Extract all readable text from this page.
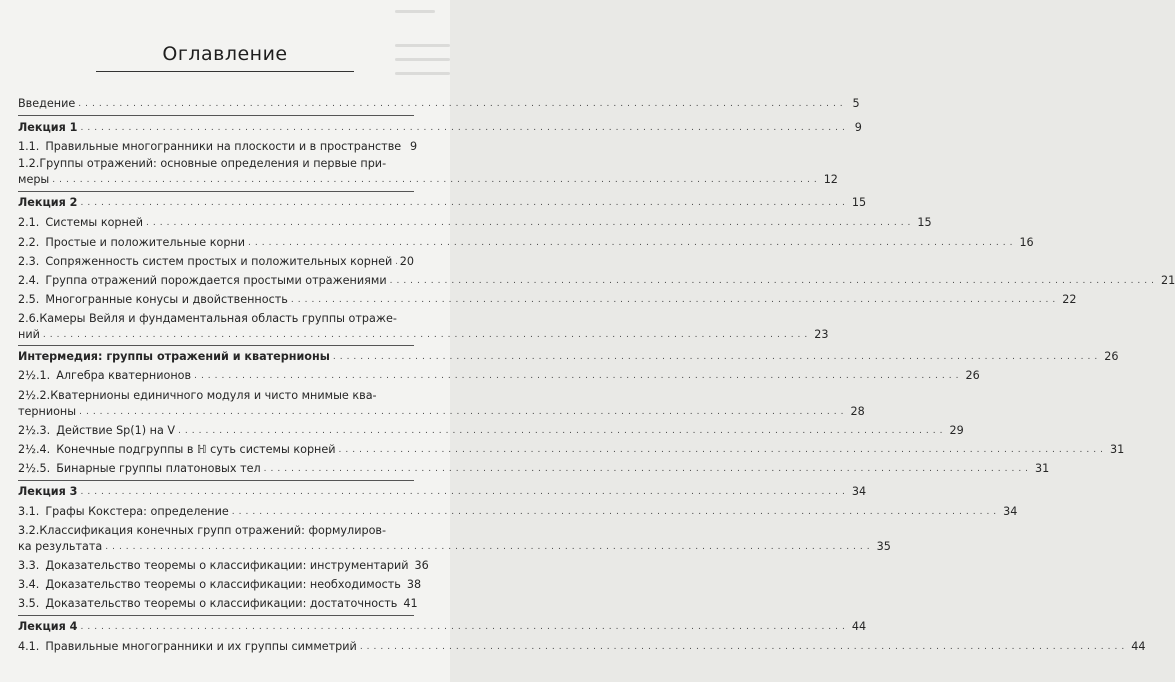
Оглавление
Введение ................................................................................................................ 5
Лекция 1 ................................................................................................................ 9
1.1. Правильные многогранники на плоскости и в пространстве 9
1.2.Группы отражений: основные определения и первые при-
меры ................................................................................................................ 12
Лекция 2 ................................................................................................................ 15
2.1. Системы корней ................................................................................................................ 15
2.2. Простые и положительные корни ................................................................................................................ 16
2.3. Сопряженность систем простых и положительных корней 20
2.4. Группа отражений порождается простыми отражениями ................................................................................................................ 21
2.5. Многогранные конусы и двойственность ................................................................................................................ 22
2.6.Камеры Вейля и фундаментальная область группы отраже-
ний ................................................................................................................ 23
Интермедия: группы отражений и кватернионы ................................................................................................................ 26
2½.1. Алгебра кватернионов ................................................................................................................ 26
2½.2.Кватернионы единичного модуля и чисто мнимые ква-
тернионы ................................................................................................................ 28
2½.3. Действие Sp(1) на V ................................................................................................................ 29
2½.4. Конечные подгруппы в ℍ суть системы корней ................................................................................................................ 31
2½.5. Бинарные группы платоновых тел ................................................................................................................ 31
Лекция 3 ................................................................................................................ 34
3.1. Графы Кокстера: определение ................................................................................................................ 34
3.2.Классификация конечных групп отражений: формулиров-
ка результата ................................................................................................................ 35
3.3. Доказательство теоремы о классификации: инструментарий 36
3.4. Доказательство теоремы о классификации: необходимость 38
3.5. Доказательство теоремы о классификации: достаточность 41
Лекция 4 ................................................................................................................ 44
4.1. Правильные многогранники и их группы симметрий ................................................................................................................ 44
